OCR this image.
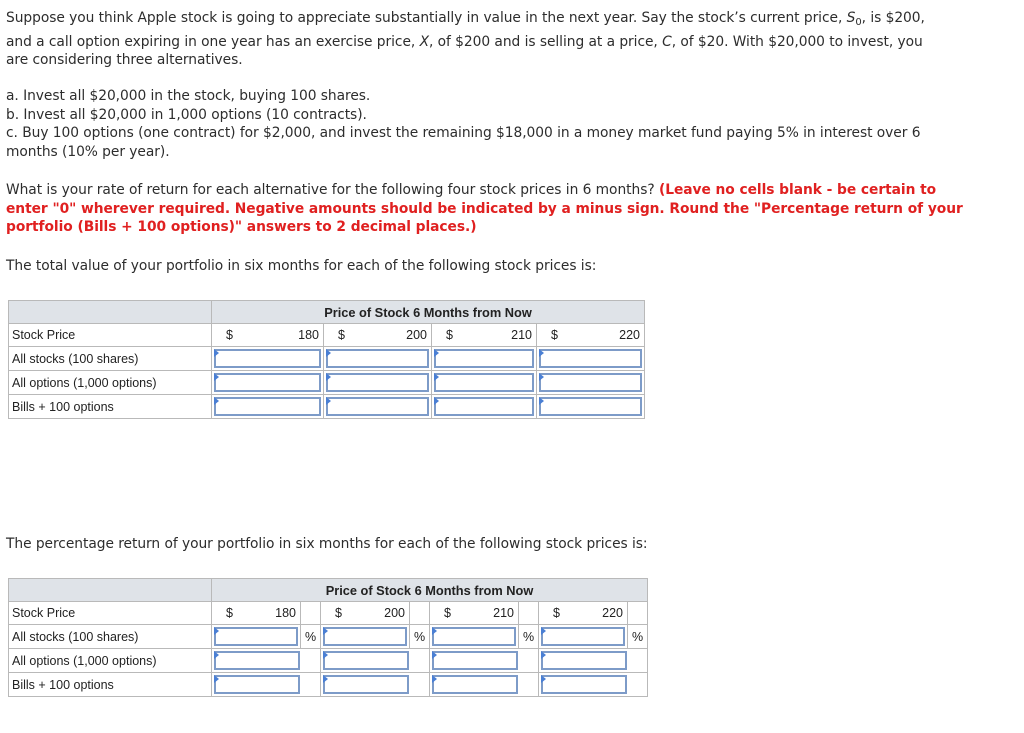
Suppose you think Apple stock is going to appreciate substantially in value in the next year. Say the stock’s current price, $S_0$, is $200,
and a call option expiring in one year has an exercise price, X, of $200 and is selling at a price, C, of $20. With $20,000 to invest, you
are considering three alternatives.
a. Invest all $20,000 in the stock, buying 100 shares.
b. Invest all $20,000 in 1,000 options (10 contracts).
c. Buy 100 options (one contract) for $2,000, and invest the remaining $18,000 in a money market fund paying 5% in interest over 6
months (10% per year).
What is your rate of return for each alternative for the following four stock prices in 6 months? (Leave no cells blank - be certain to
enter "0" wherever required. Negative amounts should be indicated by a minus sign. Round the "Percentage return of your
portfolio (Bills + 100 options)" answers to 2 decimal places.)
The total value of your portfolio in six months for each of the following stock prices is:
	Price of Stock 6 Months from Now			
Stock Price	$ 180	$ 200	$ 210	$ 220

All stocks (100 shares)	

All options (1,000 options)	

Bills + 100 options	

The percentage return of your portfolio in six months for each of the following stock prices is:
	Price of Stock 6 Months from Now							
Stock Price	$ 180		$ 200		$ 210		$ 220	

All stocks (100 shares)		%		%		%		%
All options (1,000 options)	

Bills + 100 options	
